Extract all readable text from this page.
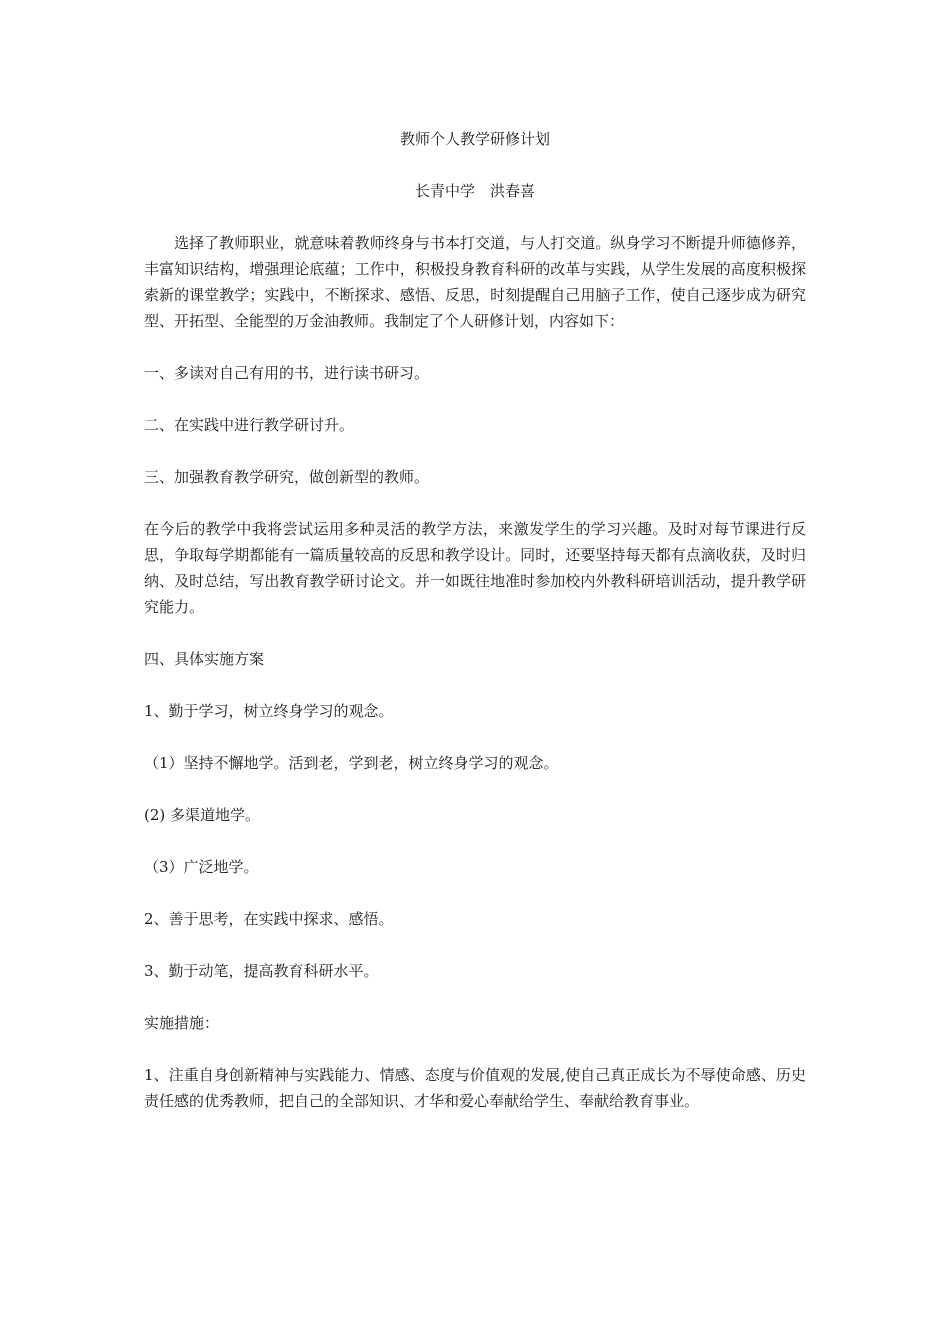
教师个人教学研修计划

长青中学　洪春喜

选择了教师职业，就意味着教师终身与书本打交道，与人打交道。纵身学习不断提升师德修养，丰富知识结构，增强理论底蕴；工作中，积极投身教育科研的改革与实践，从学生发展的高度积极探索新的课堂教学；实践中，不断探求、感悟、反思，时刻提醒自己用脑子工作，使自己逐步成为研究型、开拓型、全能型的万金油教师。我制定了个人研修计划，内容如下：

一、多读对自己有用的书，进行读书研习。

二、在实践中进行教学研讨升。

三、加强教育教学研究，做创新型的教师。

在今后的教学中我将尝试运用多种灵活的教学方法，来激发学生的学习兴趣。及时对每节课进行反思，争取每学期都能有一篇质量较高的反思和教学设计。同时，还要坚持每天都有点滴收获，及时归纳、及时总结，写出教育教学研讨论文。并一如既往地准时参加校内外教科研培训活动，提升教学研究能力。

四、具体实施方案

1、勤于学习，树立终身学习的观念。

（1）坚持不懈地学。活到老，学到老，树立终身学习的观念。

(2) 多渠道地学。

（3）广泛地学。

2、善于思考，在实践中探求、感悟。

3、勤于动笔，提高教育科研水平。

实施措施：

1、注重自身创新精神与实践能力、情感、态度与价值观的发展,使自己真正成长为不辱使命感、历史责任感的优秀教师，把自己的全部知识、才华和爱心奉献给学生、奉献给教育事业。
